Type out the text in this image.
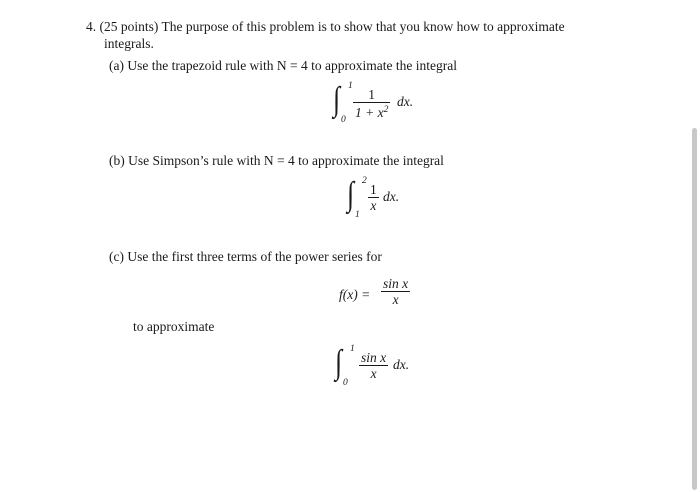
4. (25 points) The purpose of this problem is to show that you know how to approximate
integrals.
(a) Use the trapezoid rule with N = 4 to approximate the integral
∫ 1
0
1
$1 + x^2$
dx.
(b) Use Simpson’s rule with N = 4 to approximate the integral
∫ 2
1
1
x
dx.
(c) Use the first three terms of the power series for
f(x) =
sin x
x
to approximate
∫ 1
0
sin x
x
dx.
